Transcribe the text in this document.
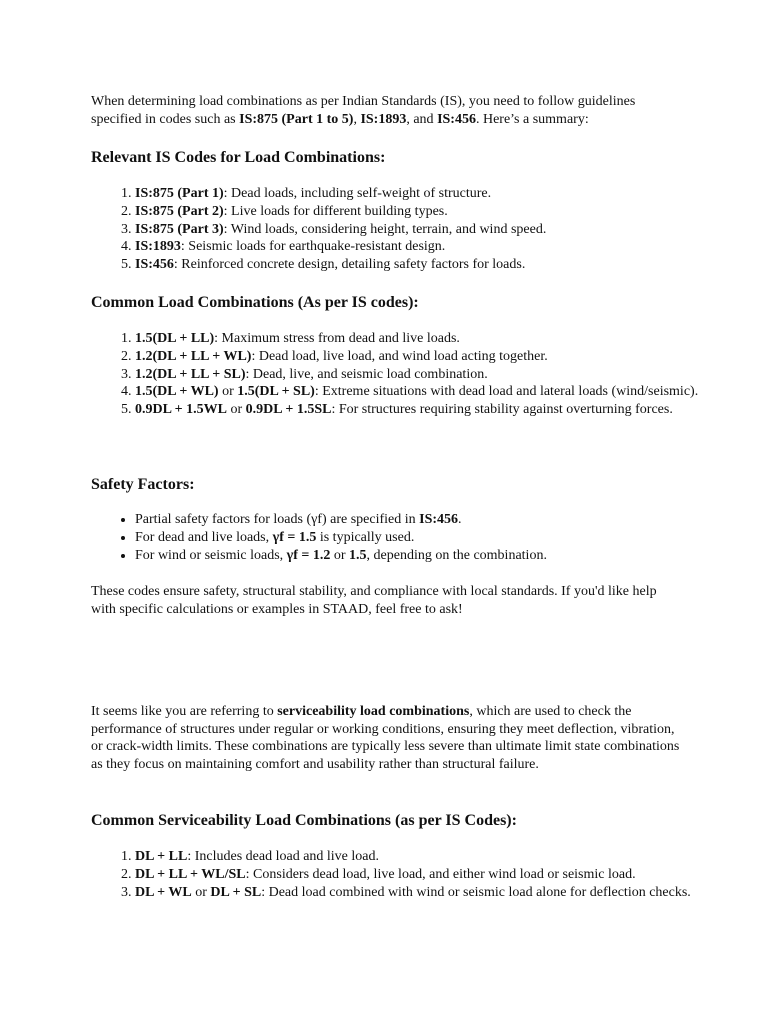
When determining load combinations as per Indian Standards (IS), you need to follow guidelines specified in codes such as IS:875 (Part 1 to 5), IS:1893, and IS:456. Here’s a summary:

Relevant IS Codes for Load Combinations:
1. IS:875 (Part 1): Dead loads, including self-weight of structure.
2. IS:875 (Part 2): Live loads for different building types.
3. IS:875 (Part 3): Wind loads, considering height, terrain, and wind speed.
4. IS:1893: Seismic loads for earthquake-resistant design.
5. IS:456: Reinforced concrete design, detailing safety factors for loads.
Common Load Combinations (As per IS codes):
1. 1.5(DL + LL): Maximum stress from dead and live loads.
2. 1.2(DL + LL + WL): Dead load, live load, and wind load acting together.
3. 1.2(DL + LL + SL): Dead, live, and seismic load combination.
4. 1.5(DL + WL) or 1.5(DL + SL): Extreme situations with dead load and lateral loads (wind/seismic).
5. 0.9DL + 1.5WL or 0.9DL + 1.5SL: For structures requiring stability against overturning forces.
Safety Factors:
• Partial safety factors for loads (γf) are specified in IS:456.
• For dead and live loads, γf = 1.5 is typically used.
• For wind or seismic loads, γf = 1.2 or 1.5, depending on the combination.

These codes ensure safety, structural stability, and compliance with local standards. If you'd like help with specific calculations or examples in STAAD, feel free to ask!

It seems like you are referring to serviceability load combinations, which are used to check the performance of structures under regular or working conditions, ensuring they meet deflection, vibration, or crack-width limits. These combinations are typically less severe than ultimate limit state combinations as they focus on maintaining comfort and usability rather than structural failure.

Common Serviceability Load Combinations (as per IS Codes):
1. DL + LL: Includes dead load and live load.
2. DL + LL + WL/SL: Considers dead load, live load, and either wind load or seismic load.
3. DL + WL or DL + SL: Dead load combined with wind or seismic load alone for deflection checks.
